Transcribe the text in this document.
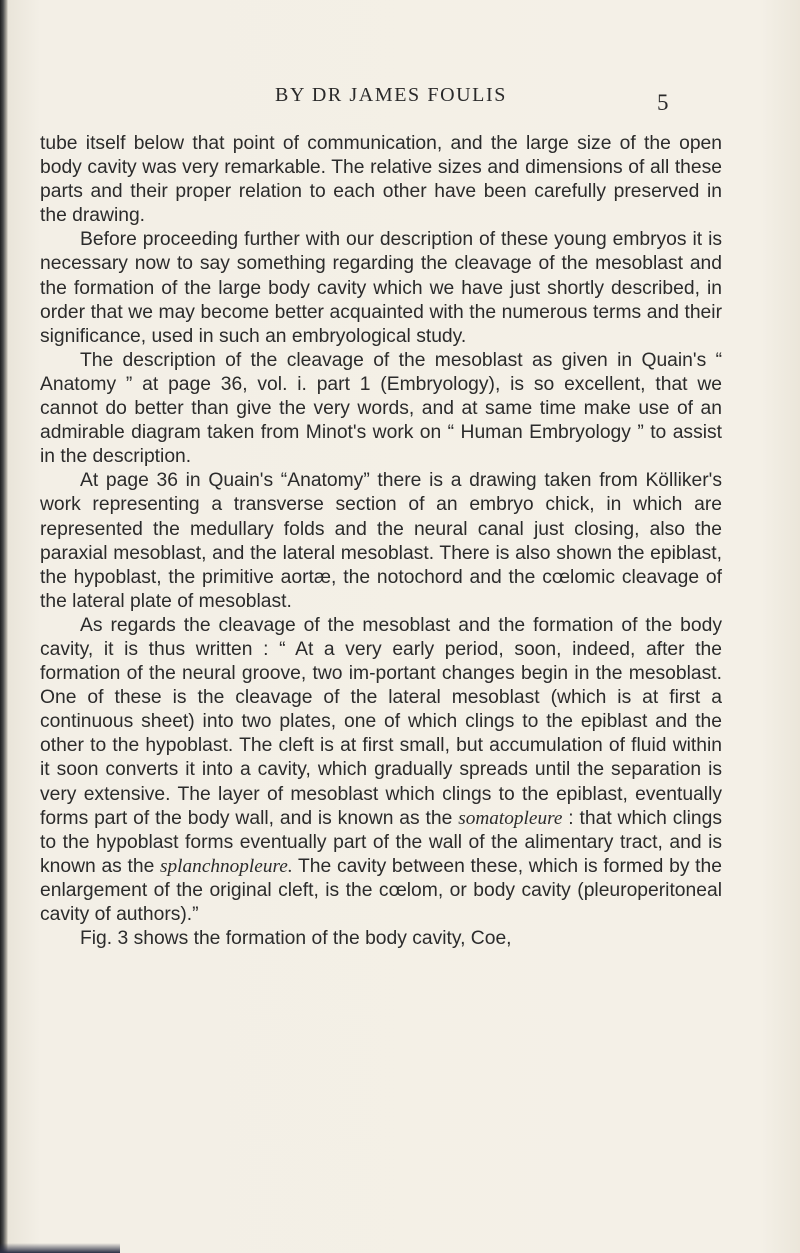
BY DR JAMES FOULIS	5

tube itself below that point of communication, and the large size of the open body cavity was very remarkable. The relative sizes and dimensions of all these parts and their proper relation to each other have been carefully preserved in the drawing.

Before proceeding further with our description of these young embryos it is necessary now to say something regarding the cleavage of the mesoblast and the formation of the large body cavity which we have just shortly described, in order that we may become better acquainted with the numerous terms and their significance, used in such an embryological study.

The description of the cleavage of the mesoblast as given in Quain's “ Anatomy ” at page 36, vol. i. part 1 (Embryology), is so excellent, that we cannot do better than give the very words, and at same time make use of an admirable diagram taken from Minot's work on “ Human Embryology ” to assist in the description.

At page 36 in Quain's “Anatomy” there is a drawing taken from Kölliker's work representing a transverse section of an embryo chick, in which are represented the medullary folds and the neural canal just closing, also the paraxial mesoblast, and the lateral mesoblast. There is also shown the epiblast, the hypoblast, the primitive aortæ, the notochord and the cœlomic cleavage of the lateral plate of mesoblast.

As regards the cleavage of the mesoblast and the formation of the body cavity, it is thus written : “ At a very early period, soon, indeed, after the formation of the neural groove, two im-portant changes begin in the mesoblast. One of these is the cleavage of the lateral mesoblast (which is at first a continuous sheet) into two plates, one of which clings to the epiblast and the other to the hypoblast. The cleft is at first small, but accumulation of fluid within it soon converts it into a cavity, which gradually spreads until the separation is very extensive. The layer of mesoblast which clings to the epiblast, eventually forms part of the body wall, and is known as the somatopleure : that which clings to the hypoblast forms eventually part of the wall of the alimentary tract, and is known as the splanchnopleure. The cavity between these, which is formed by the enlargement of the original cleft, is the cœlom, or body cavity (pleuroperitoneal cavity of authors).”

Fig. 3 shows the formation of the body cavity, Coe,
